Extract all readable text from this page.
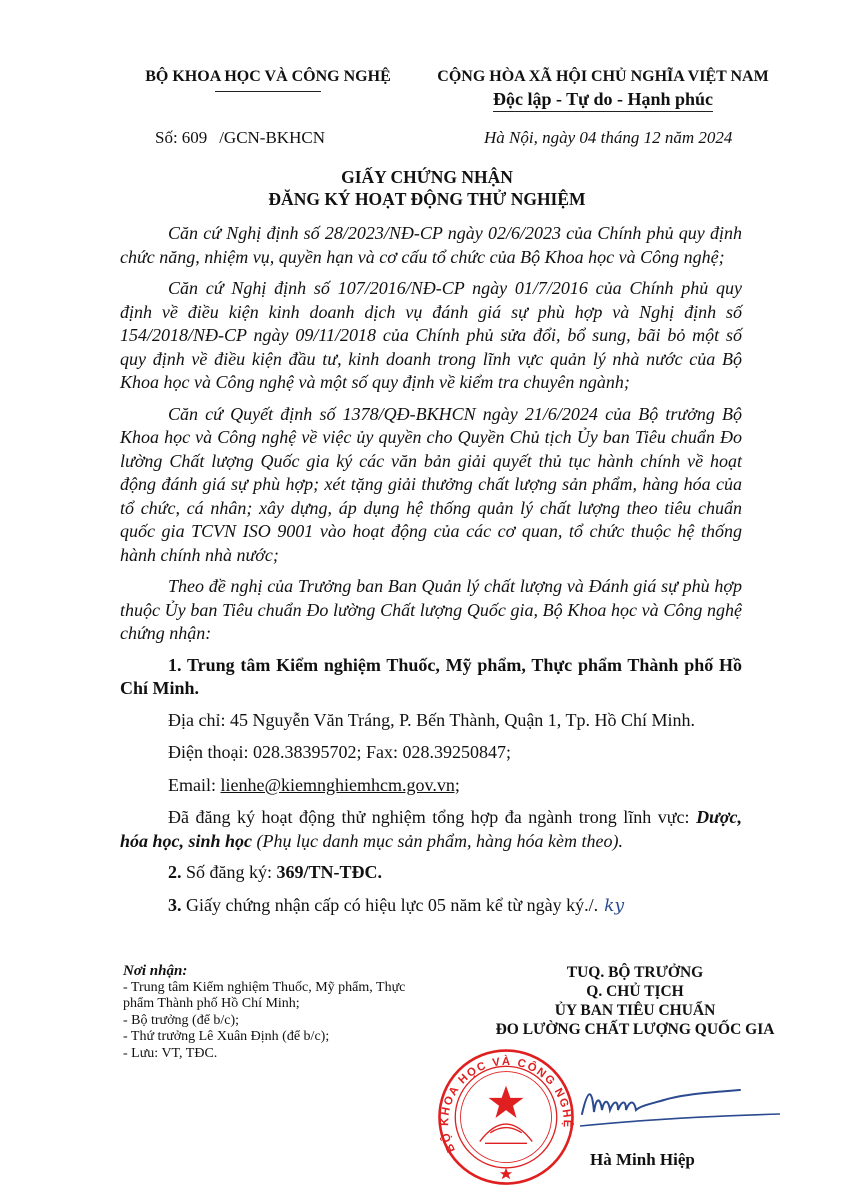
BỘ KHOA HỌC VÀ CÔNG NGHỆ	CỘNG HÒA XÃ HỘI CHỦ NGHĨA VIỆT NAM
Độc lập - Tự do - Hạnh phúc
Số: 609 /GCN-BKHCN	Hà Nội, ngày 04 tháng 12 năm 2024
GIẤY CHỨNG NHẬN
ĐĂNG KÝ HOẠT ĐỘNG THỬ NGHIỆM

Căn cứ Nghị định số 28/2023/NĐ-CP ngày 02/6/2023 của Chính phủ quy định chức năng, nhiệm vụ, quyền hạn và cơ cấu tổ chức của Bộ Khoa học và Công nghệ;

Căn cứ Nghị định số 107/2016/NĐ-CP ngày 01/7/2016 của Chính phủ quy định về điều kiện kinh doanh dịch vụ đánh giá sự phù hợp và Nghị định số 154/2018/NĐ-CP ngày 09/11/2018 của Chính phủ sửa đổi, bổ sung, bãi bỏ một số quy định về điều kiện đầu tư, kinh doanh trong lĩnh vực quản lý nhà nước của Bộ Khoa học và Công nghệ và một số quy định về kiểm tra chuyên ngành;

Căn cứ Quyết định số 1378/QĐ-BKHCN ngày 21/6/2024 của Bộ trưởng Bộ Khoa học và Công nghệ về việc ủy quyền cho Quyền Chủ tịch Ủy ban Tiêu chuẩn Đo lường Chất lượng Quốc gia ký các văn bản giải quyết thủ tục hành chính về hoạt động đánh giá sự phù hợp; xét tặng giải thưởng chất lượng sản phẩm, hàng hóa của tổ chức, cá nhân; xây dựng, áp dụng hệ thống quản lý chất lượng theo tiêu chuẩn quốc gia TCVN ISO 9001 vào hoạt động của các cơ quan, tổ chức thuộc hệ thống hành chính nhà nước;

Theo đề nghị của Trưởng ban Ban Quản lý chất lượng và Đánh giá sự phù hợp thuộc Ủy ban Tiêu chuẩn Đo lường Chất lượng Quốc gia, Bộ Khoa học và Công nghệ chứng nhận:

1. Trung tâm Kiểm nghiệm Thuốc, Mỹ phẩm, Thực phẩm Thành phố Hồ Chí Minh.

Địa chỉ: 45 Nguyễn Văn Tráng, P. Bến Thành, Quận 1, Tp. Hồ Chí Minh.

Điện thoại: 028.38395702; Fax: 028.39250847;

Email: lienhe@kiemnghiemhcm.gov.vn;

Đã đăng ký hoạt động thử nghiệm tổng hợp đa ngành trong lĩnh vực: Dược, hóa học, sinh học (Phụ lục danh mục sản phẩm, hàng hóa kèm theo).

2. Số đăng ký: 369/TN-TĐC.

3. Giấy chứng nhận cấp có hiệu lực 05 năm kể từ ngày ký./. ky

Nơi nhận:
- Trung tâm Kiểm nghiệm Thuốc, Mỹ phẩm, Thực phẩm Thành phố Hồ Chí Minh;
- Bộ trưởng (để b/c);
- Thứ trưởng Lê Xuân Định (để b/c);
- Lưu: VT, TĐC.
TUQ. BỘ TRƯỞNG
Q. CHỦ TỊCH
ỦY BAN TIÊU CHUẨN
ĐO LƯỜNG CHẤT LƯỢNG QUỐC GIA
BỘ KHOA HỌC VÀ CÔNG NGHỆ
Hà Minh Hiệp
